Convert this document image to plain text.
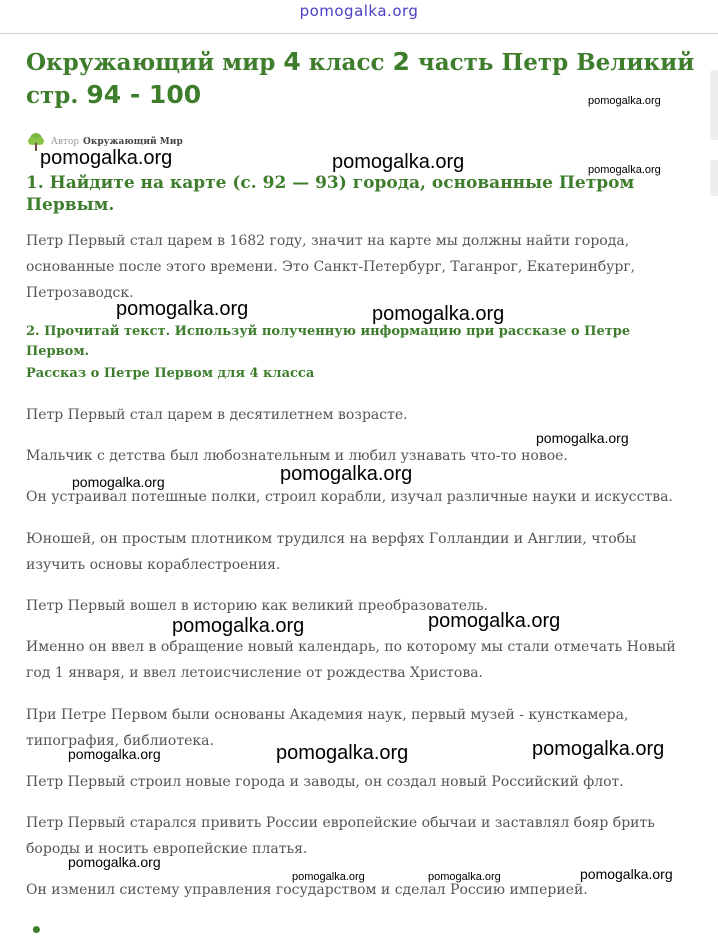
pomogalka.org
Окружающий мир 4 класс 2 часть Петр Великий стр. 94 - 100
Автор Окружающий Мир
1. Найдите на карте (с. 92 — 93) города, основанные Петром Первым.

Петр Первый стал царем в 1682 году, значит на карте мы должны найти города, основанные после этого времени. Это Санкт-Петербург, Таганрог, Екатеринбург, Петрозаводск.

2. Прочитай текст. Используй полученную информацию при рассказе о Петре Первом.
Рассказ о Петре Первом для 4 класса

Петр Первый стал царем в десятилетнем возрасте.

Мальчик с детства был любознательным и любил узнавать что-то новое.

Он устраивал потешные полки, строил корабли, изучал различные науки и искусства.

Юношей, он простым плотником трудился на верфях Голландии и Англии, чтобы изучить основы кораблестроения.

Петр Первый вошел в историю как великий преобразователь.

Именно он ввел в обращение новый календарь, по которому мы стали отмечать Новый год 1 января, и ввел летоисчисление от рождества Христова.

При Петре Первом были основаны Академия наук, первый музей - кунсткамера, типография, библиотека.

Петр Первый строил новые города и заводы, он создал новый Российский флот.

Петр Первый старался привить России европейские обычаи и заставлял бояр брить бороды и носить европейские платья.

Он изменил систему управления государством и сделал Россию империей.

•
pomogalka.org
pomogalka.org	pomogalka.org	pomogalka.org
pomogalka.org	pomogalka.org
pomogalka.org
pomogalka.org
pomogalka.org
pomogalka.org
pomogalka.org
pomogalka.org
pomogalka.org
pomogalka.org
pomogalka.org
pomogalka.org
pomogalka.org	pomogalka.org
